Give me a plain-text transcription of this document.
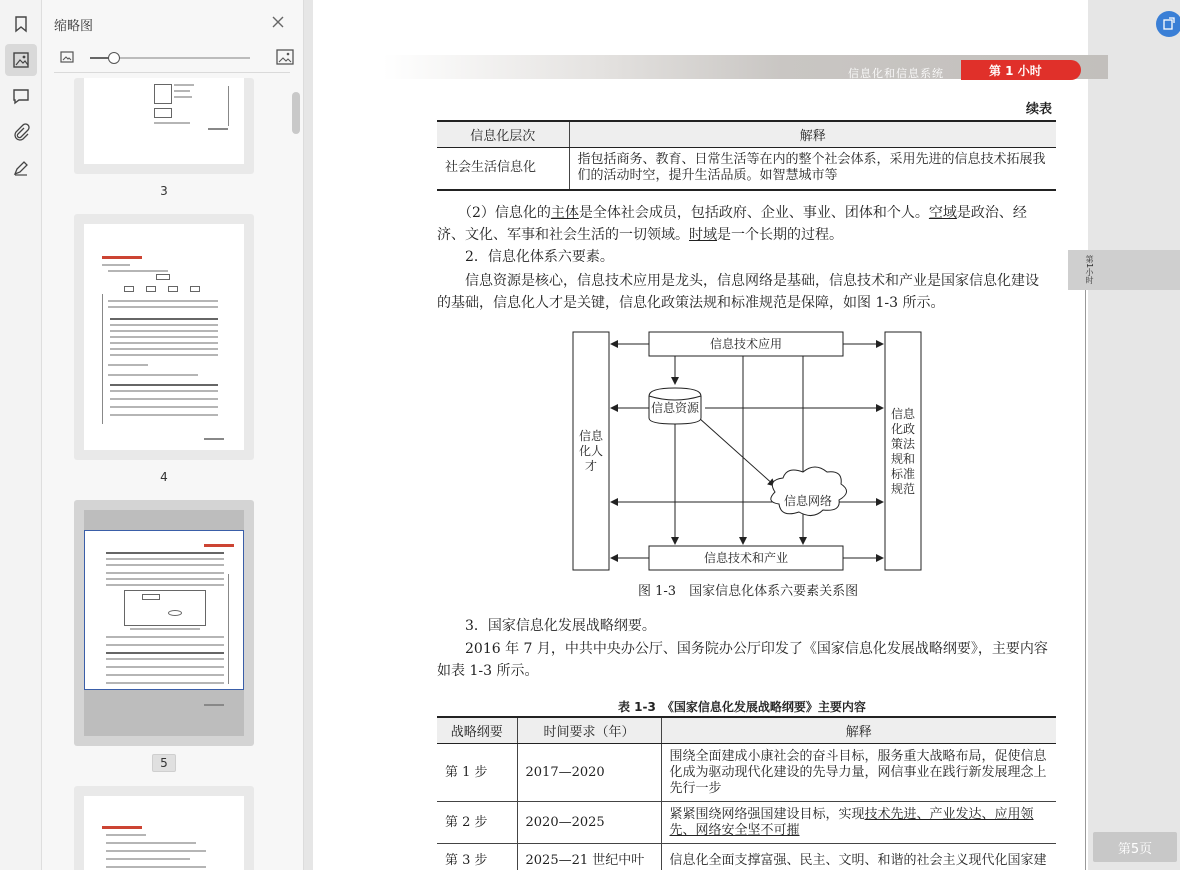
缩略图
3
4
5
信息化和信息系统	第 1 小时
续表
信息化层次	解释
社会生活信息化	指包括商务、教育、日常生活等在内的整个社会体系，采用先进的信息技术拓展我们的活动时空，提升生活品质。如智慧城市等
　　（2）信息化的主体是全体社会成员，包括政府、企业、事业、团体和个人。空域是政治、经
济、文化、军事和社会生活的一切领域。时域是一个长期的过程。
2．信息化体系六要素。
信息资源是核心，信息技术应用是龙头，信息网络是基础，信息技术和产业是国家信息化建设
的基础，信息化人才是关键，信息化政策法规和标准规范是保障，如图 1-3 所示。
信息技术应用
信息技术和产业
信息资源
信息网络
信息化人才
信息化政策法规和标准规范
图 1-3　国家信息化体系六要素关系图
3．国家信息化发展战略纲要。
2016 年 7 月，中共中央办公厅、国务院办公厅印发了《国家信息化发展战略纲要》，主要内容
如表 1-3 所示。
表 1-3　《国家信息化发展战略纲要》主要内容
战略纲要	时间要求（年）	解释
第 1 步	2017—2020	围绕全面建成小康社会的奋斗目标，服务重大战略布局，促使信息化成为驱动现代化建设的先导力量，网信事业在践行新发展理念上先行一步
第 2 步	2020—2025	紧紧围绕网络强国建设目标，实现技术先进、产业发达、应用领先、网络安全坚不可摧
第 3 步	2025—21 世纪中叶	信息化全面支撑富强、民主、文明、和谐的社会主义现代化国家建
第1小时
第5页
